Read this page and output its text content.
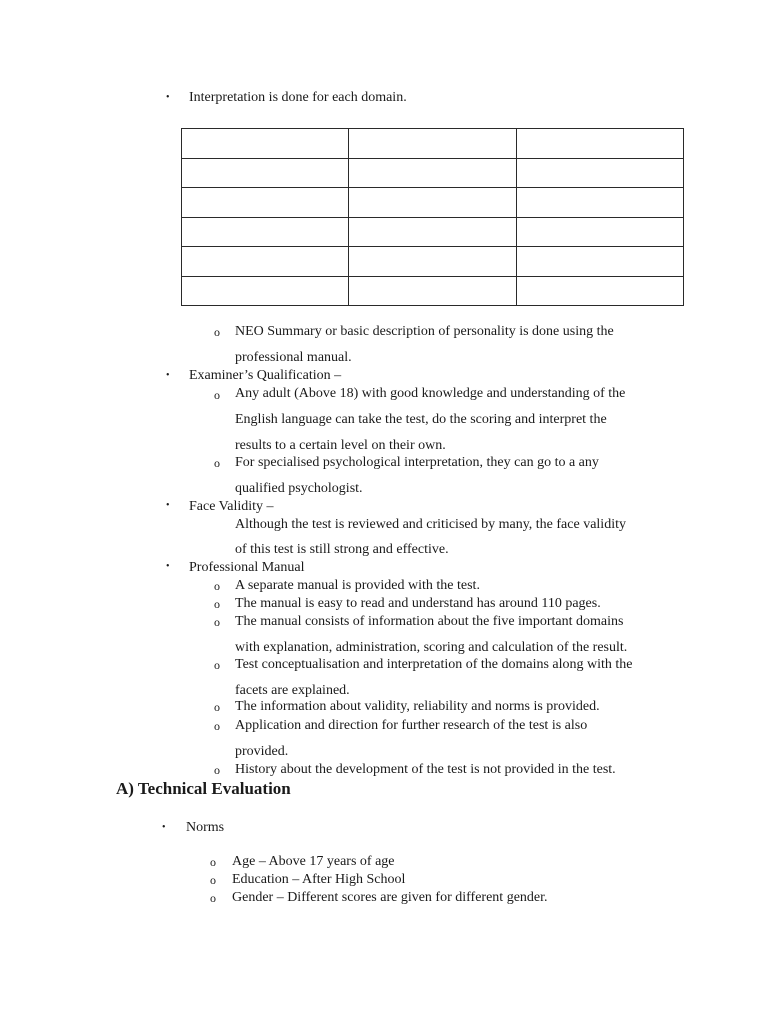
• Interpretation is done for each domain.

o NEO Summary or basic description of personality is done using the
professional manual.
• Examiner’s Qualification –
o Any adult (Above 18) with good knowledge and understanding of the
English language can take the test, do the scoring and interpret the
results to a certain level on their own.
o For specialised psychological interpretation, they can go to a any
qualified psychologist.
• Face Validity –
Although the test is reviewed and criticised by many, the face validity
of this test is still strong and effective.
• Professional Manual
o A separate manual is provided with the test.
o The manual is easy to read and understand has around 110 pages.
o The manual consists of information about the five important domains
with explanation, administration, scoring and calculation of the result.
o Test conceptualisation and interpretation of the domains along with the
facets are explained.
o The information about validity, reliability and norms is provided.
o Application and direction for further research of the test is also
provided.
o History about the development of the test is not provided in the test.
A) Technical Evaluation
• Norms
o Age – Above 17 years of age
o Education – After High School
o Gender – Different scores are given for different gender.
